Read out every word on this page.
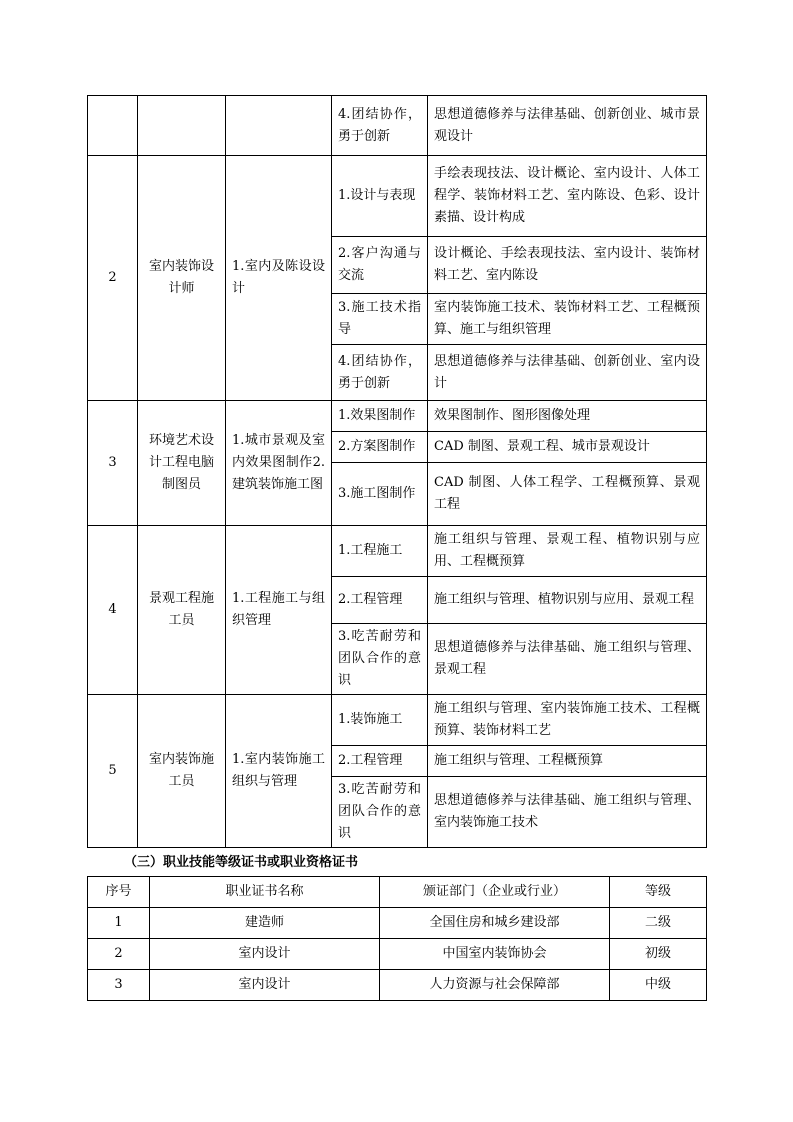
			4.团结协作，勇于创新	思想道德修养与法律基础、创新创业、城市景观设计
2	室内装饰设计师	1.室内及陈设设计	1.设计与表现	手绘表现技法、设计概论、室内设计、人体工程学、装饰材料工艺、室内陈设、色彩、设计素描、设计构成
			2.客户沟通与交流	设计概论、手绘表现技法、室内设计、装饰材料工艺、室内陈设
			3.施工技术指导	室内装饰施工技术、装饰材料工艺、工程概预算、施工与组织管理
			4.团结协作，勇于创新	思想道德修养与法律基础、创新创业、室内设计
3	环境艺术设计工程电脑制图员	1.城市景观及室内效果图制作2.建筑装饰施工图	1.效果图制作	效果图制作、图形图像处理
			2.方案图制作	CAD 制图、景观工程、城市景观设计
			3.施工图制作	CAD 制图、人体工程学、工程概预算、景观工程
4	景观工程施工员	1.工程施工与组织管理	1.工程施工	施工组织与管理、景观工程、植物识别与应用、工程概预算
			2.工程管理	施工组织与管理、植物识别与应用、景观工程
			3.吃苦耐劳和团队合作的意识	思想道德修养与法律基础、施工组织与管理、景观工程
5	室内装饰施工员	1.室内装饰施工组织与管理	1.装饰施工	施工组织与管理、室内装饰施工技术、工程概预算、装饰材料工艺
			2.工程管理	施工组织与管理、工程概预算
			3.吃苦耐劳和团队合作的意识	思想道德修养与法律基础、施工组织与管理、室内装饰施工技术
（三）职业技能等级证书或职业资格证书
序号	职业证书名称	颁证部门（企业或行业）	等级
1	建造师	全国住房和城乡建设部	二级
2	室内设计	中国室内装饰协会	初级
3	室内设计	人力资源与社会保障部	中级
